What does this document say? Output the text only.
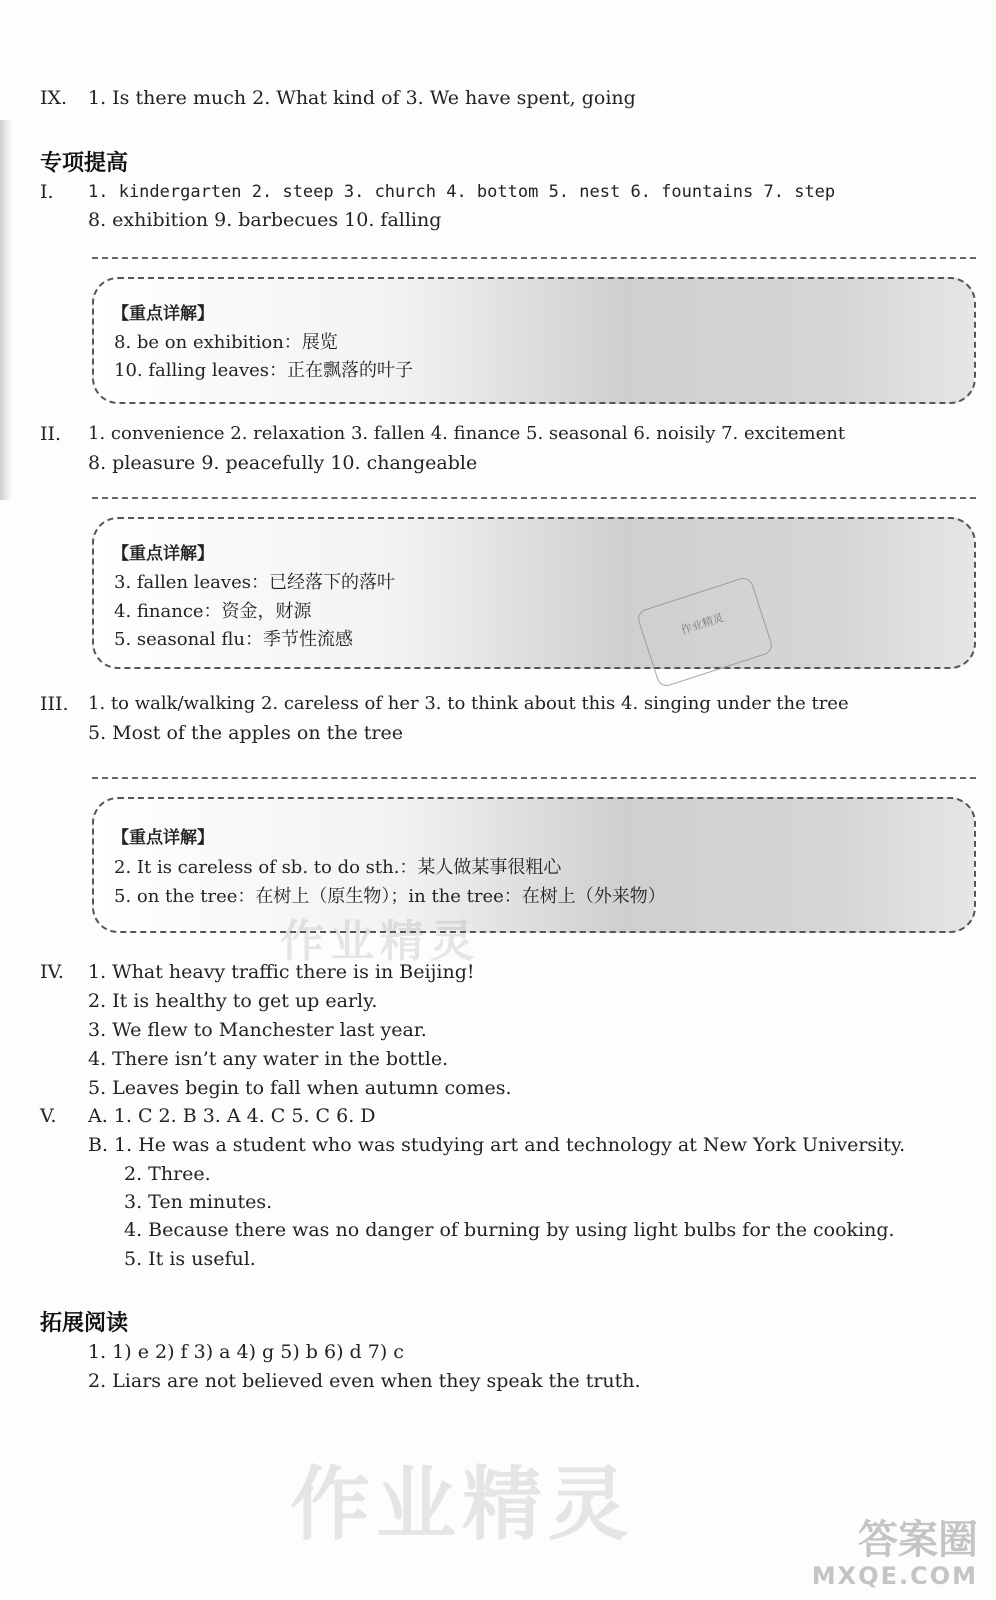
IX. 1. Is there much 2. What kind of 3. We have spent, going
专项提高
I. 1. kindergarten 2. steep 3. church 4. bottom 5. nest 6. fountains 7. step
8. exhibition 9. barbecues 10. falling
【重点详解】
8. be on exhibition：展览
10. falling leaves：正在飘落的叶子
II. 1. convenience 2. relaxation 3. fallen 4. finance 5. seasonal 6. noisily 7. excitement
8. pleasure 9. peacefully 10. changeable
【重点详解】
3. fallen leaves：已经落下的落叶
4. finance：资金，财源
5. seasonal flu：季节性流感
作业精灵
III. 1. to walk/walking 2. careless of her 3. to think about this 4. singing under the tree
5. Most of the apples on the tree
【重点详解】
2. It is careless of sb. to do sth.：某人做某事很粗心
5. on the tree：在树上（原生物）；in the tree：在树上（外来物）
IV. 1. What heavy traffic there is in Beijing!
2. It is healthy to get up early.
3. We flew to Manchester last year.
4. There isn’t any water in the bottle.
5. Leaves begin to fall when autumn comes.
V. A. 1. C 2. B 3. A 4. C 5. C 6. D
B. 1. He was a student who was studying art and technology at New York University.
2. Three.
3. Ten minutes.
4. Because there was no danger of burning by using light bulbs for the cooking.
5. It is useful.
拓展阅读
1. 1) e 2) f 3) a 4) g 5) b 6) d 7) c
2. Liars are not believed even when they speak the truth.
作业精灵
作业精灵	答案圈
MXQE.COM
